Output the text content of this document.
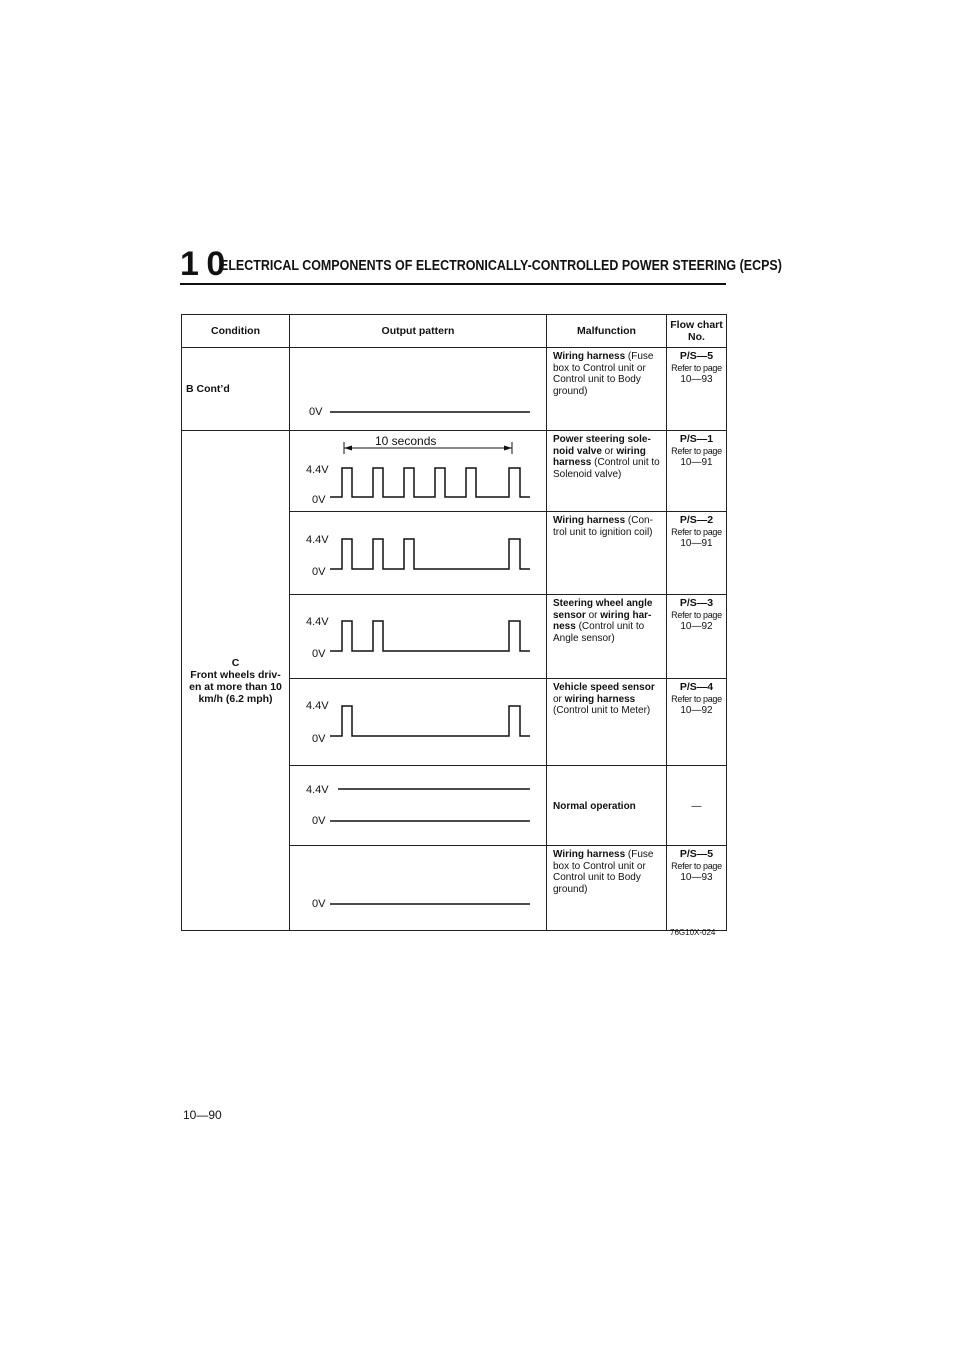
1 0
ELECTRICAL COMPONENTS OF ELECTRONICALLY-CONTROLLED POWER STEERING (ECPS)
Condition	Output pattern	Malfunction	Flow chart
No.

B Cont’d	0V	Wiring harness (Fuse box to Control unit or Control unit to Body ground)	P/S—5
Refer to page
10—93

C
Front wheels driv-
en at more than 10
km/h (6.2 mph)	10 seconds
4.4V
0V	Power steering sole-noid valve or wiring harness (Control unit to Solenoid valve)	P/S—1
Refer to page
10—91

4.4V
0V	Wiring harness (Con-trol unit to ignition coil)	P/S—2
Refer to page
10—91

4.4V
0V	Steering wheel angle sensor or wiring har-ness (Control unit to Angle sensor)	P/S—3
Refer to page
10—92

4.4V
0V	Vehicle speed sensor or wiring harness (Control unit to Meter)	P/S—4
Refer to page
10—92

4.4V
0V	Normal operation	—

0V	Wiring harness (Fuse box to Control unit or Control unit to Body ground)	P/S—5
Refer to page
10—93
76G10X-024
10—90
